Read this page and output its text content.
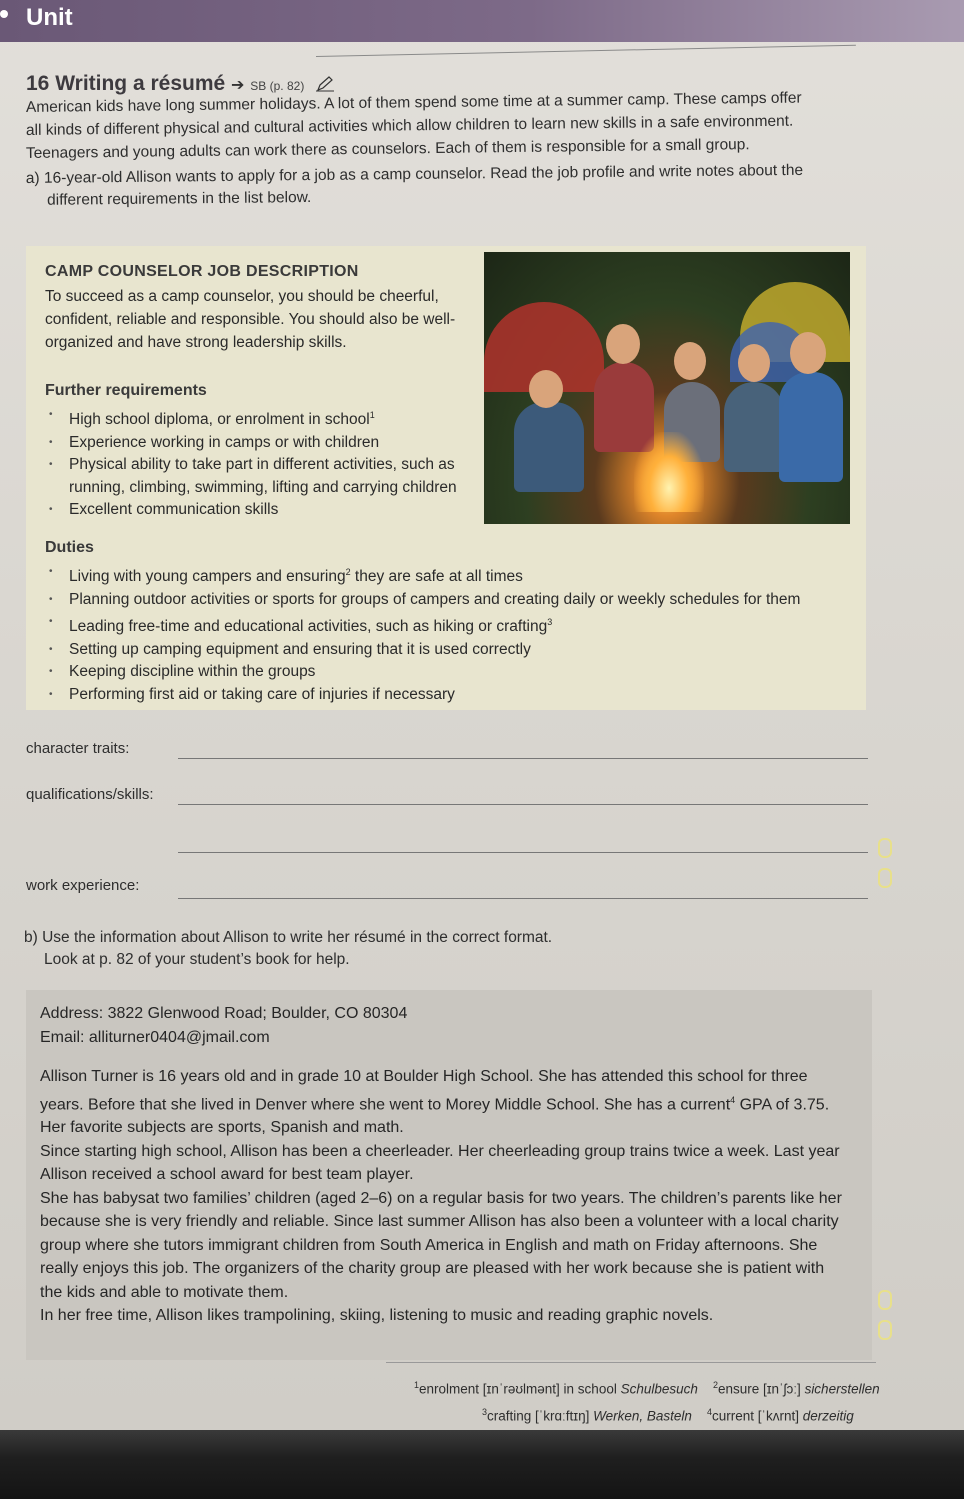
Unit
16 Writing a résumé ➔ SB (p. 82)

American kids have long summer holidays. A lot of them spend some time at a summer camp. These camps offer

all kinds of different physical and cultural activities which allow children to learn new skills in a safe environment.

Teenagers and young adults can work there as counselors. Each of them is responsible for a small group.

a) 16-year-old Allison wants to apply for a job as a camp counselor. Read the job profile and write notes about the
different requirements in the list below.
CAMP COUNSELOR JOB DESCRIPTION
To succeed as a camp counselor, you should be cheerful, confident, reliable and responsible. You should also be well-organized and have strong leadership skills.
Further requirements
• High school diploma, or enrolment in school$^1$
• Experience working in camps or with children
• Physical ability to take part in different activities, such as running, climbing, swimming, lifting and carrying children
• Excellent communication skills
Duties
• Living with young campers and ensuring$^2$ they are safe at all times
• Planning outdoor activities or sports for groups of campers and creating daily or weekly schedules for them
• Leading free-time and educational activities, such as hiking or crafting$^3$
• Setting up camping equipment and ensuring that it is used correctly
• Keeping discipline within the groups
• Performing first aid or taking care of injuries if necessary
character traits:
qualifications/skills:
work experience:
b) Use the information about Allison to write her résumé in the correct format.
Look at p. 82 of your student’s book for help.

Address: 3822 Glenwood Road; Boulder, CO 80304

Email: alliturner0404@jmail.com

Allison Turner is 16 years old and in grade 10 at Boulder High School. She has attended this school for three years. Before that she lived in Denver where she went to Morey Middle School. She has a current$^4$ GPA of 3.75. Her favorite subjects are sports, Spanish and math.

Since starting high school, Allison has been a cheerleader. Her cheerleading group trains twice a week. Last year Allison received a school award for best team player.

She has babysat two families’ children (aged 2–6) on a regular basis for two years. The children’s parents like her because she is very friendly and reliable. Since last summer Allison has also been a volunteer with a local charity group where she tutors immigrant children from South America in English and math on Friday afternoons. She really enjoys this job. The organizers of the charity group are pleased with her work because she is patient with the kids and able to motivate them.

In her free time, Allison likes trampolining, skiing, listening to music and reading graphic novels.

$^1$enrolment [ɪnˈrəʊlmənt] in school Schulbesuch $^2$ensure [ɪnˈʃɔː] sicherstellen
$^3$crafting [ˈkrɑːftɪŋ] Werken, Basteln $^4$current [ˈkʌrnt] derzeitig
